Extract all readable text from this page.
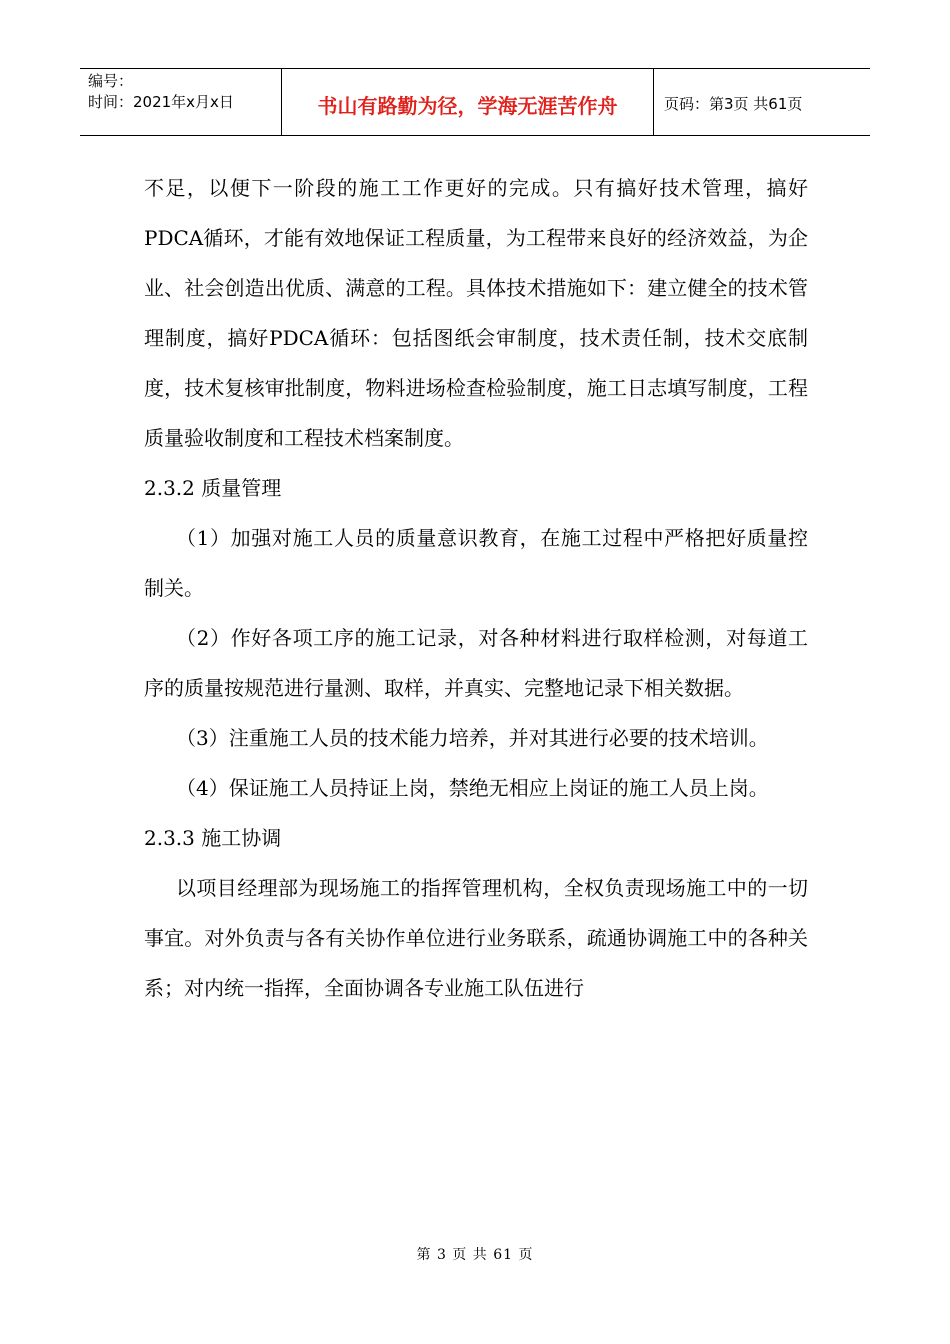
编号：
时间：2021年x月x日	书山有路勤为径，学海无涯苦作舟	页码：第3页 共61页

不足，以便下一阶段的施工工作更好的完成。只有搞好技术管理，搞好PDCA循环，才能有效地保证工程质量，为工程带来良好的经济效益，为企业、社会创造出优质、满意的工程。具体技术措施如下：建立健全的技术管理制度，搞好PDCA循环：包括图纸会审制度，技术责任制，技术交底制度，技术复核审批制度，物料进场检查检验制度，施工日志填写制度，工程质量验收制度和工程技术档案制度。

2.3.2 质量管理

（1）加强对施工人员的质量意识教育，在施工过程中严格把好质量控制关。

（2）作好各项工序的施工记录，对各种材料进行取样检测，对每道工序的质量按规范进行量测、取样，并真实、完整地记录下相关数据。

（3）注重施工人员的技术能力培养，并对其进行必要的技术培训。

（4）保证施工人员持证上岗，禁绝无相应上岗证的施工人员上岗。

2.3.3 施工协调

以项目经理部为现场施工的指挥管理机构，全权负责现场施工中的一切事宜。对外负责与各有关协作单位进行业务联系，疏通协调施工中的各种关系；对内统一指挥，全面协调各专业施工队伍进行

第 3 页 共 61 页
